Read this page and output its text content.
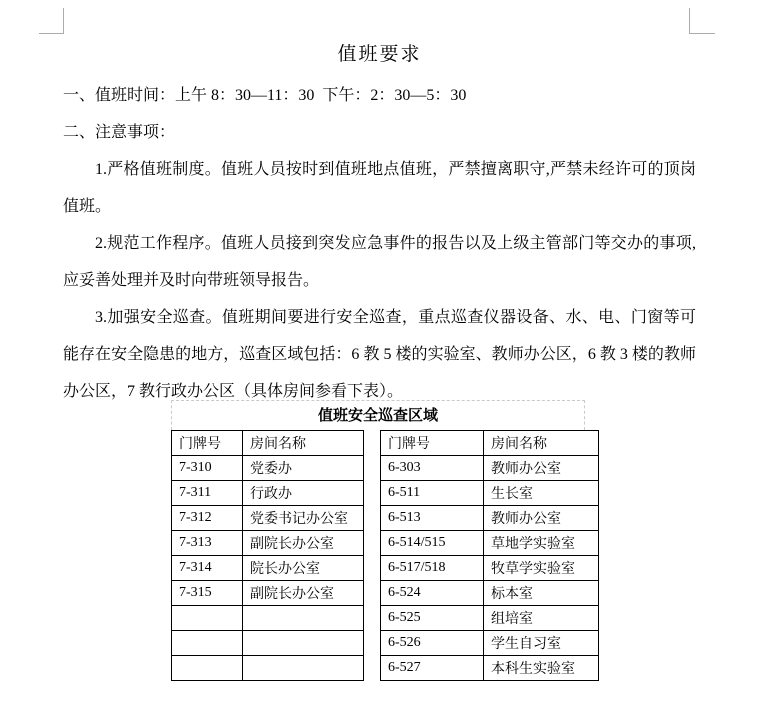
值班要求

一、值班时间：上午 8：30—11：30  下午：2：30—5：30

二、注意事项：

1.严格值班制度。值班人员按时到值班地点值班，严禁擅离职守,严禁未经许可的顶岗值班。

2.规范工作程序。值班人员接到突发应急事件的报告以及上级主管部门等交办的事项,应妥善处理并及时向带班领导报告。

3.加强安全巡查。值班期间要进行安全巡查，重点巡查仪器设备、水、电、门窗等可能存在安全隐患的地方，巡查区域包括：6 教 5 楼的实验室、教师办公区，6 教 3 楼的教师办公区，7 教行政办公区（具体房间参看下表）。

值班安全巡查区域
门牌号	房间名称
7-310	党委办
7-311	行政办
7-312	党委书记办公室
7-313	副院长办公室
7-314	院长办公室
7-315	副院长办公室

门牌号	房间名称
6-303	教师办公室
6-511	生长室
6-513	教师办公室
6-514/515	草地学实验室
6-517/518	牧草学实验室
6-524	标本室
6-525	组培室
6-526	学生自习室
6-527	本科生实验室
